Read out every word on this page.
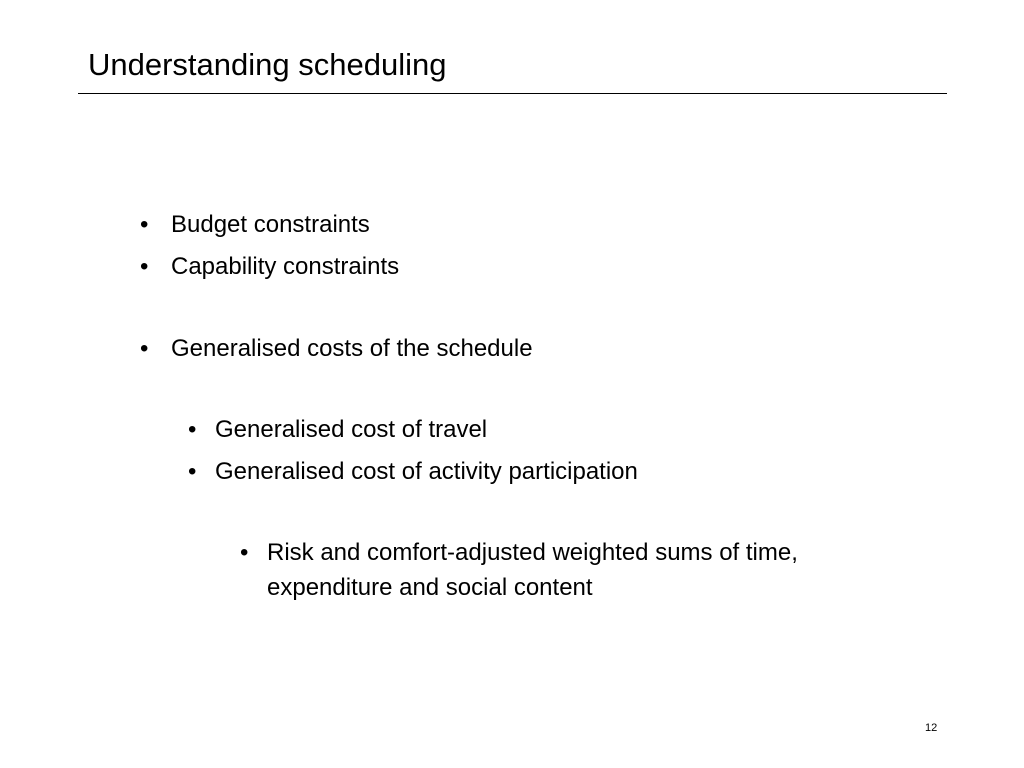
Understanding scheduling
• Budget constraints
• Capability constraints
• Generalised costs of the schedule
• Generalised cost of travel
• Generalised cost of activity participation
• Risk and comfort-adjusted weighted sums of time,
expenditure and social content
12
